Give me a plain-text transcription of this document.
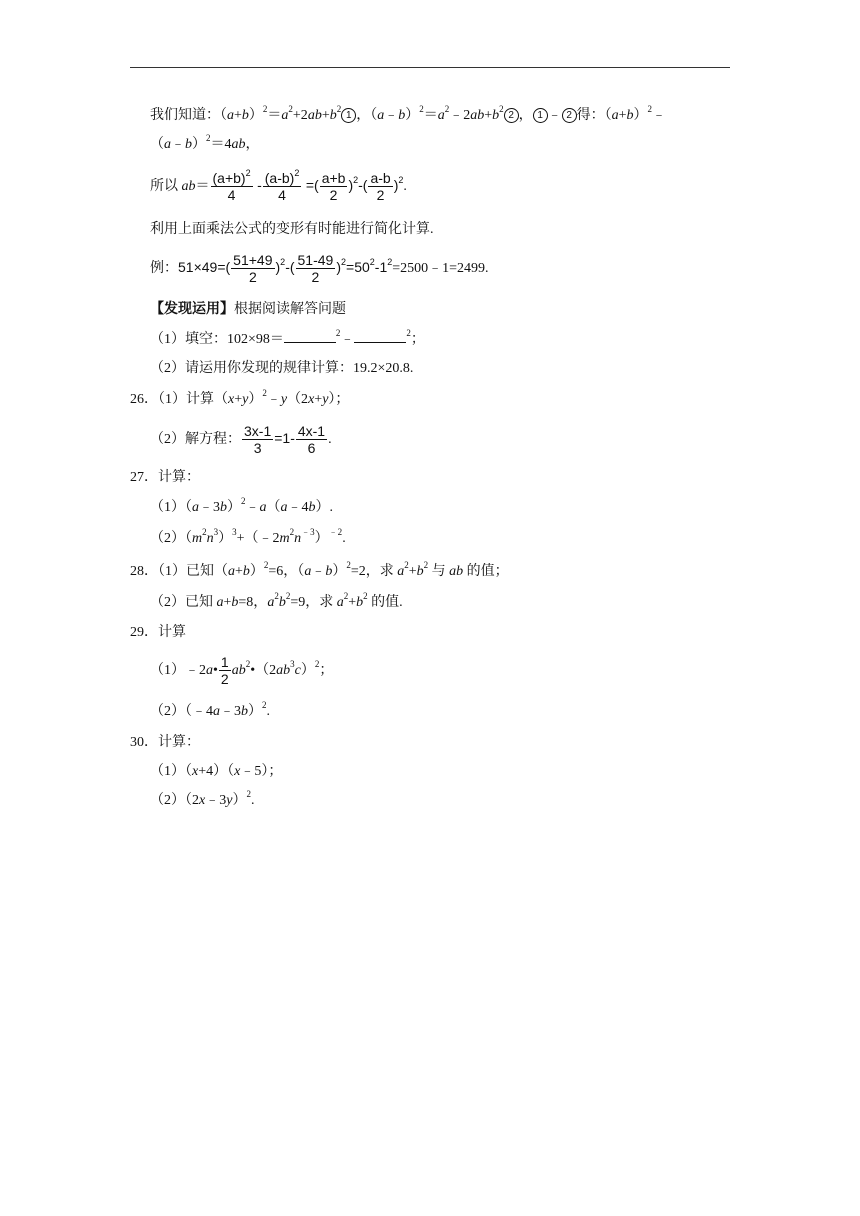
我们知道：$(a+b)^2=a^2+2ab+b^21$ ，$(a﹣b)^2=a^2﹣2ab+b^22$ ， 1 ﹣ 2 得：$(a+b)^2﹣$
（a﹣b）$^2$＝4ab，
所以 $ab= \frac{(a+b)^2}{4} - \frac{(a-b)^2}{4}$ =( $\frac{a+b}{2} )^2-( \frac{a-b}{2} )^2$.
利用上面乘法公式的变形有时能进行简化计算.
例：$51\times 49=( \frac{51+49}{2} )^2-( \frac{51-49}{2}$ )$^2=50^2-1^2=2500﹣1=2499$.
【发现运用】根据阅读解答问题
（1）填空：102×98＝	$^2$﹣	$^2$；
（2）请运用你发现的规律计算：19.2×20.8.
26．（1）计算$(x+y)^2﹣y(2x+y)$；
（2）解方程： $\frac{3x-1}{3} =1- \frac{4x-1}{6}$ .
27．计算：
（1）（a﹣3b）$^2$﹣a（a﹣4b）.
$(2)(m^2n^3)^3+(﹣2m^2n^{﹣3})^{﹣2}$.
28．（1）已知$(a+b)^2=6$，（a﹣b）$^2$=2，求 $a^2+b^2$ 与 ab 的值；
（2）已知 a+b=8，$a^2b^2=9$，求 $a^2+b^2$ 的值.
29．计算
（1）﹣2a• $\frac{1}{2}$ $ab^2•(2ab^3c)^2$；
（2）（﹣4a﹣3b）$^2$.
30．计算：
（1）（x+4）（x﹣5）；
（2）（2x﹣3y）$^2$.
